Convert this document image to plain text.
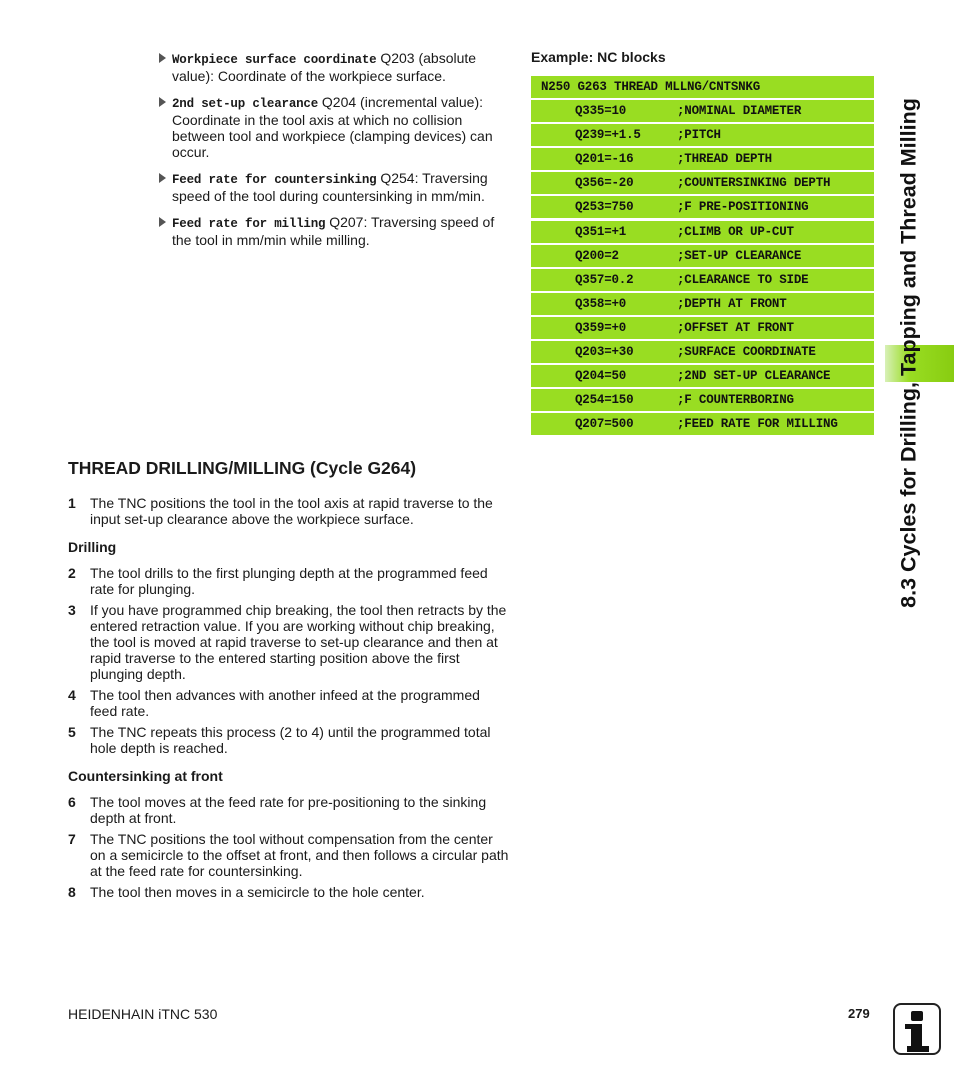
Workpiece surface coordinate Q203 (absolute value): Coordinate of the workpiece surface.
2nd set-up clearance Q204 (incremental value): Coordinate in the tool axis at which no collision between tool and workpiece (clamping devices) can occur.
Feed rate for countersinking Q254: Traversing speed of the tool during countersinking in mm/min.
Feed rate for milling Q207: Traversing speed of the tool in mm/min while milling.
Example: NC blocks
N250 G263 THREAD MLLNG/CNTSNKG
Q335=10	;NOMINAL DIAMETER
Q239=+1.5	;PITCH
Q201=-16	;THREAD DEPTH
Q356=-20	;COUNTERSINKING DEPTH
Q253=750	;F PRE-POSITIONING
Q351=+1	;CLIMB OR UP-CUT
Q200=2	;SET-UP CLEARANCE
Q357=0.2	;CLEARANCE TO SIDE
Q358=+0	;DEPTH AT FRONT
Q359=+0	;OFFSET AT FRONT
Q203=+30	;SURFACE COORDINATE
Q204=50	;2ND SET-UP CLEARANCE
Q254=150	;F COUNTERBORING
Q207=500	;FEED RATE FOR MILLING
THREAD DRILLING/MILLING (Cycle G264)
1 The TNC positions the tool in the tool axis at rapid traverse to the input set-up clearance above the workpiece surface.
Drilling
2 The tool drills to the first plunging depth at the programmed feed rate for plunging.
3 If you have programmed chip breaking, the tool then retracts by the entered retraction value. If you are working without chip breaking, the tool is moved at rapid traverse to set-up clearance and then at rapid traverse to the entered starting position above the first plunging depth.
4 The tool then advances with another infeed at the programmed feed rate.
5 The TNC repeats this process (2 to 4) until the programmed total hole depth is reached.
Countersinking at front
6 The tool moves at the feed rate for pre-positioning to the sinking depth at front.
7 The TNC positions the tool without compensation from the center on a semicircle to the offset at front, and then follows a circular path at the feed rate for countersinking.
8 The tool then moves in a semicircle to the hole center.
8.3 Cycles for Drilling, Tapping and Thread Milling
HEIDENHAIN iTNC 530	279
